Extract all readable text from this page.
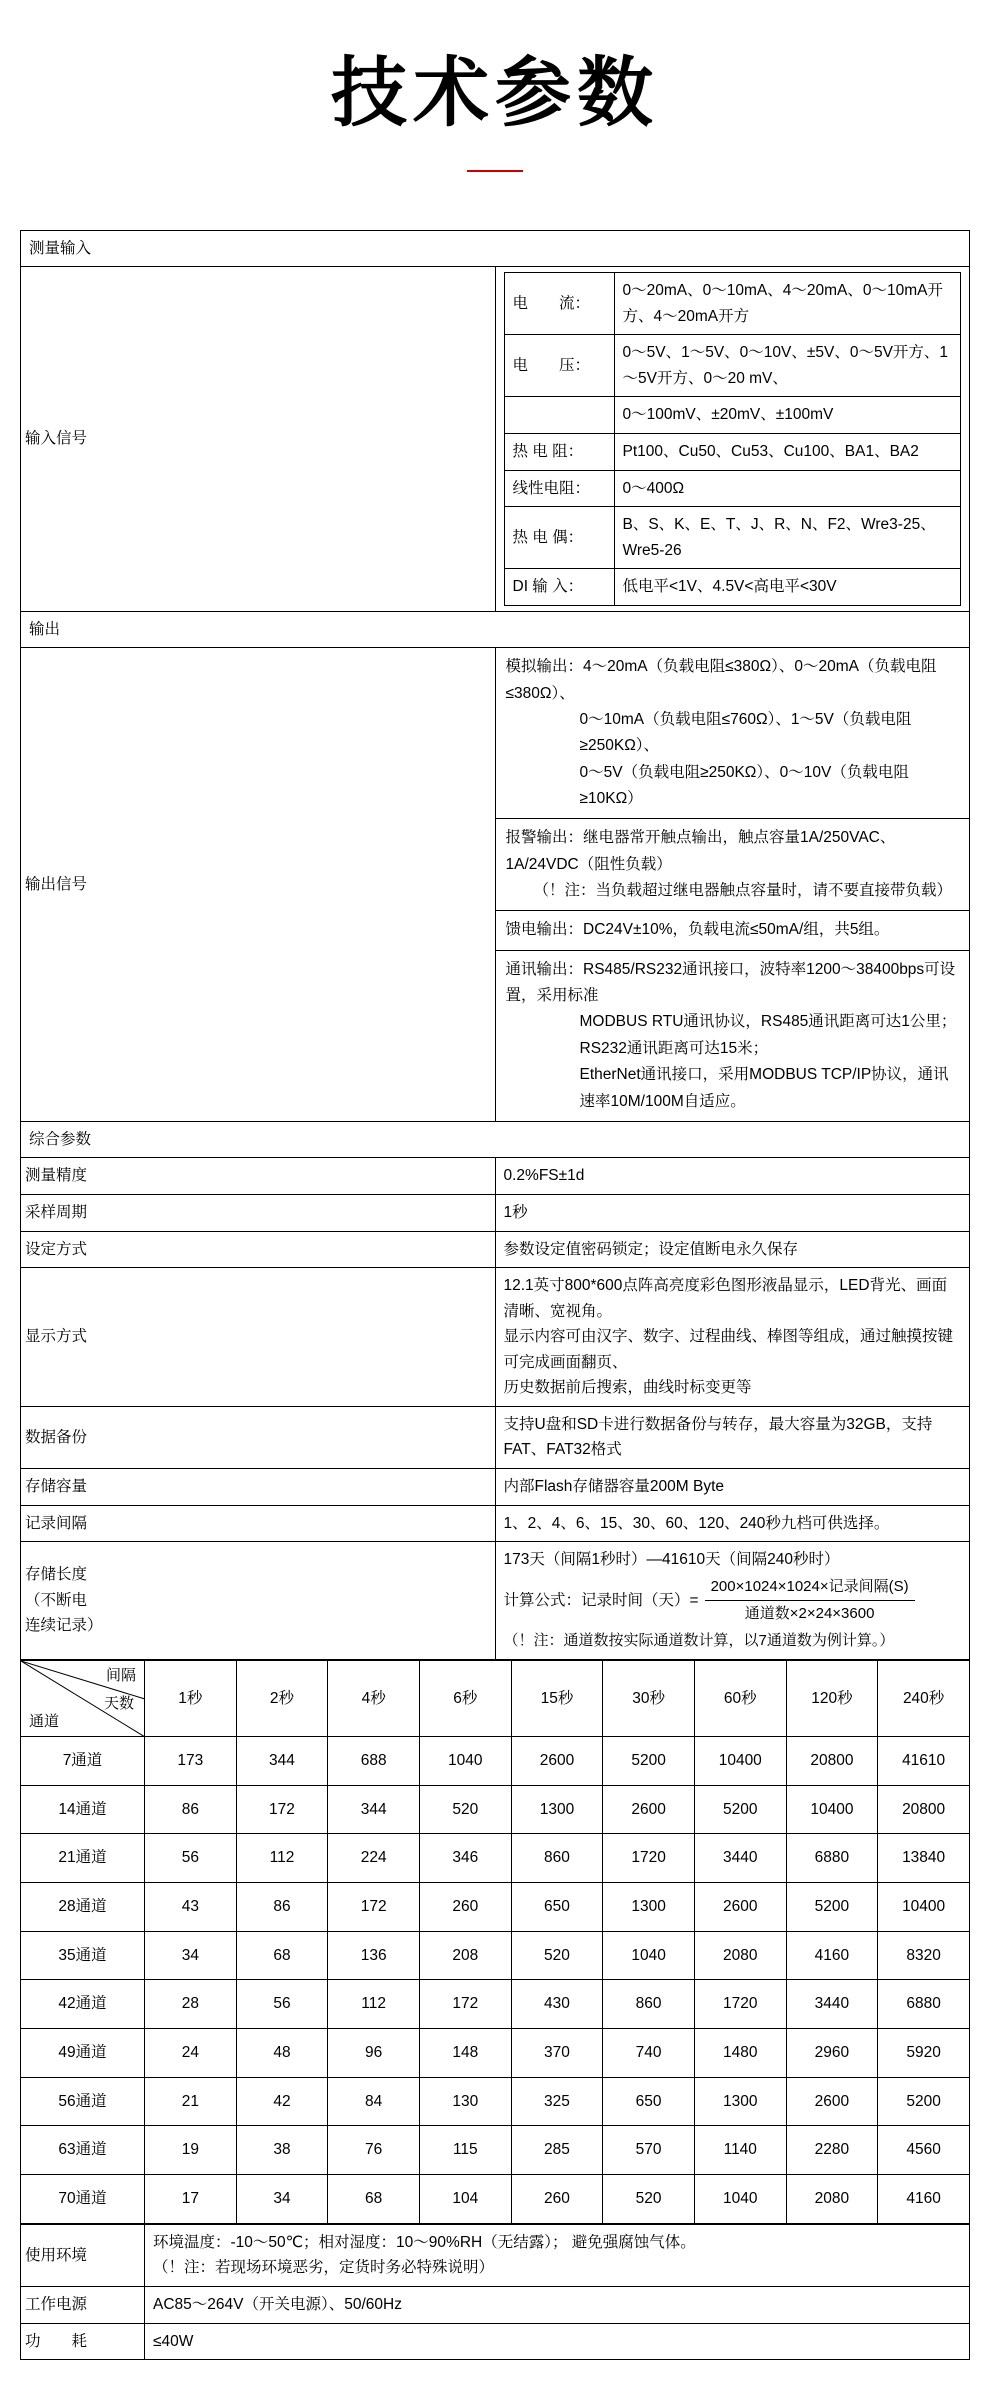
技术参数
测量输入
输入信号	
电　　流：	0～20mA、0～10mA、4～20mA、0～10mA开方、4～20mA开方
电　　压：	0～5V、1～5V、0～10V、±5V、0～5V开方、1～5V开方、0～20 mV、
	0～100mV、±20mV、±100mV
热 电 阻：	Pt100、Cu50、Cu53、Cu100、BA1、BA2
线性电阻：	0～400Ω
热 电 偶：	B、S、K、E、T、J、R、N、F2、Wre3-25、Wre5-26
DI 输 入：	低电平<1V、4.5V<高电平<30V

输出
输出信号	
模拟输出：4～20mA（负载电阻≤380Ω）、0～20mA（负载电阻≤380Ω）、
0～10mA（负载电阻≤760Ω）、1～5V（负载电阻≥250KΩ）、
0～5V（负载电阻≥250KΩ）、0～10V（负载电阻≥10KΩ）

报警输出：继电器常开触点输出，触点容量1A/250VAC、1A/24VDC（阻性负载）
（！注：当负载超过继电器触点容量时，请不要直接带负载）

馈电输出：DC24V±10%，负载电流≤50mA/组，共5组。
通讯输出：RS485/RS232通讯接口，波特率1200～38400bps可设置，采用标准
MODBUS RTU通讯协议，RS485通讯距离可达1公里；RS232通讯距离可达15米；
EtherNet通讯接口，采用MODBUS TCP/IP协议，通讯速率10M/100M自适应。

综合参数
测量精度	0.2%FS±1d
采样周期	1秒
设定方式	参数设定值密码锁定；设定值断电永久保存
显示方式	
12.1英寸800*600点阵高亮度彩色图形液晶显示，LED背光、画面清晰、宽视角。
显示内容可由汉字、数字、过程曲线、棒图等组成，通过触摸按键可完成画面翻页、
历史数据前后搜索，曲线时标变更等

数据备份	支持U盘和SD卡进行数据备份与转存，最大容量为32GB，支持FAT、FAT32格式
存储容量	内部Flash存储器容量200M Byte
记录间隔	1、2、4、6、15、30、60、120、240秒九档可供选择。

存储长度
（不断电
连续记录）

173天（间隔1秒时）—41610天（间隔240秒时）
计算公式：记录时间（天）= $\frac{\text{200×1024×1024×记录间隔(S)}}{\text{通道数×2×24×3600}}$
（！注：通道数按实际通道数计算，以7通道数为例计算。）
间隔
天数
通道	1秒	2秒	4秒	6秒	15秒	30秒	60秒	120秒	240秒
7通道	173	344	688	1040	2600	5200	10400	20800	41610
14通道	86	172	344	520	1300	2600	5200	10400	20800
21通道	56	112	224	346	860	1720	3440	6880	13840
28通道	43	86	172	260	650	1300	2600	5200	10400
35通道	34	68	136	208	520	1040	2080	4160	8320
42通道	28	56	112	172	430	860	1720	3440	6880
49通道	24	48	96	148	370	740	1480	2960	5920
56通道	21	42	84	130	325	650	1300	2600	5200
63通道	19	38	76	115	285	570	1140	2280	4560
70通道	17	34	68	104	260	520	1040	2080	4160
使用环境	环境温度：-10～50℃；相对湿度：10～90%RH（无结露）； 避免强腐蚀气体。
（！注：若现场环境恶劣，定货时务必特殊说明）

工作电源	AC85～264V（开关电源）、50/60Hz
功　　耗	≤40W
